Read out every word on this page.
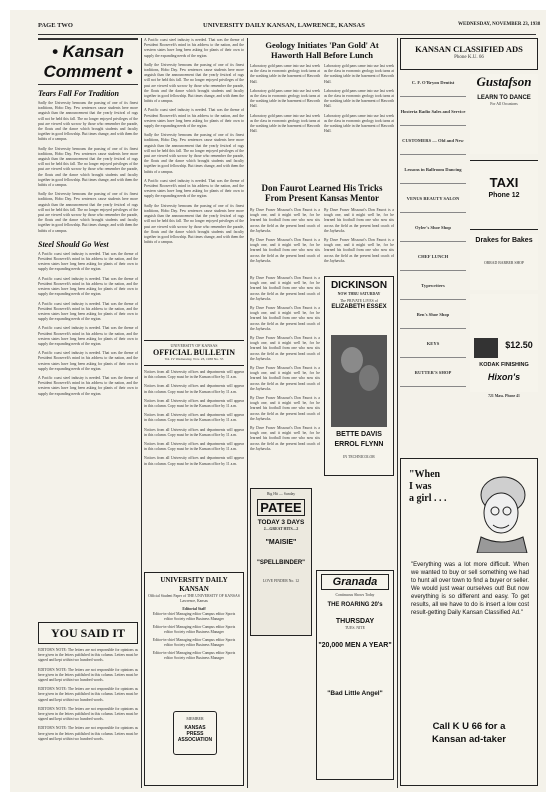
PAGE TWO	UNIVERSITY DAILY KANSAN, LAWRENCE, KANSAS	WEDNESDAY, NOVEMBER 23, 1938
• Kansan Comment •
Tears Fall For Tradition
Sadly the University bemoans the passing of one of its finest traditions, Hobo Day. Few sentences cause students here more anguish than the announcement that the yearly festival of rags will not be held this fall. The no longer enjoyed privileges of the past are viewed with sorrow by those who remember the parade, the floats and the dance which brought students and faculty together in good fellowship. But times change, and with them the habits of a campus.
Sadly the University bemoans the passing of one of its finest traditions, Hobo Day. Few sentences cause students here more anguish than the announcement that the yearly festival of rags will not be held this fall. The no longer enjoyed privileges of the past are viewed with sorrow by those who remember the parade, the floats and the dance which brought students and faculty together in good fellowship. But times change, and with them the habits of a campus.
Sadly the University bemoans the passing of one of its finest traditions, Hobo Day. Few sentences cause students here more anguish than the announcement that the yearly festival of rags will not be held this fall. The no longer enjoyed privileges of the past are viewed with sorrow by those who remember the parade, the floats and the dance which brought students and faculty together in good fellowship. But times change, and with them the habits of a campus.
Steel Should Go West
A Pacific coast steel industry is needed. That was the theme of President Roosevelt's mind in his address to the nation, and the western states have long been asking for plants of their own to supply the expanding needs of the region.
A Pacific coast steel industry is needed. That was the theme of President Roosevelt's mind in his address to the nation, and the western states have long been asking for plants of their own to supply the expanding needs of the region.
A Pacific coast steel industry is needed. That was the theme of President Roosevelt's mind in his address to the nation, and the western states have long been asking for plants of their own to supply the expanding needs of the region.
A Pacific coast steel industry is needed. That was the theme of President Roosevelt's mind in his address to the nation, and the western states have long been asking for plants of their own to supply the expanding needs of the region.
A Pacific coast steel industry is needed. That was the theme of President Roosevelt's mind in his address to the nation, and the western states have long been asking for plants of their own to supply the expanding needs of the region.
A Pacific coast steel industry is needed. That was the theme of President Roosevelt's mind in his address to the nation, and the western states have long been asking for plants of their own to supply the expanding needs of the region.
YOU SAID IT
EDITOR'S NOTE: The letters are not responsible for opinions as here given in the letters published in this column. Letters must be signed and kept within two hundred words.
EDITOR'S NOTE: The letters are not responsible for opinions as here given in the letters published in this column. Letters must be signed and kept within two hundred words.
EDITOR'S NOTE: The letters are not responsible for opinions as here given in the letters published in this column. Letters must be signed and kept within two hundred words.
EDITOR'S NOTE: The letters are not responsible for opinions as here given in the letters published in this column. Letters must be signed and kept within two hundred words.
EDITOR'S NOTE: The letters are not responsible for opinions as here given in the letters published in this column. Letters must be signed and kept within two hundred words.
A Pacific coast steel industry is needed. That was the theme of President Roosevelt's mind in his address to the nation, and the western states have long been asking for plants of their own to supply the expanding needs of the region.
Sadly the University bemoans the passing of one of its finest traditions, Hobo Day. Few sentences cause students here more anguish than the announcement that the yearly festival of rags will not be held this fall. The no longer enjoyed privileges of the past are viewed with sorrow by those who remember the parade, the floats and the dance which brought students and faculty together in good fellowship. But times change, and with them the habits of a campus.
A Pacific coast steel industry is needed. That was the theme of President Roosevelt's mind in his address to the nation, and the western states have long been asking for plants of their own to supply the expanding needs of the region.
Sadly the University bemoans the passing of one of its finest traditions, Hobo Day. Few sentences cause students here more anguish than the announcement that the yearly festival of rags will not be held this fall. The no longer enjoyed privileges of the past are viewed with sorrow by those who remember the parade, the floats and the dance which brought students and faculty together in good fellowship. But times change, and with them the habits of a campus.
A Pacific coast steel industry is needed. That was the theme of President Roosevelt's mind in his address to the nation, and the western states have long been asking for plants of their own to supply the expanding needs of the region.
Sadly the University bemoans the passing of one of its finest traditions, Hobo Day. Few sentences cause students here more anguish than the announcement that the yearly festival of rags will not be held this fall. The no longer enjoyed privileges of the past are viewed with sorrow by those who remember the parade, the floats and the dance which brought students and faculty together in good fellowship. But times change, and with them the habits of a campus.
UNIVERSITY OF KANSAS
OFFICIAL BULLETIN
Vol. IV Wednesday, Nov. 23, 1938 No. 55
Notices from all University offices and departments will appear in this column. Copy must be in the Kansan office by 11 a.m.
Notices from all University offices and departments will appear in this column. Copy must be in the Kansan office by 11 a.m.
Notices from all University offices and departments will appear in this column. Copy must be in the Kansan office by 11 a.m.
Notices from all University offices and departments will appear in this column. Copy must be in the Kansan office by 11 a.m.
Notices from all University offices and departments will appear in this column. Copy must be in the Kansan office by 11 a.m.
Notices from all University offices and departments will appear in this column. Copy must be in the Kansan office by 11 a.m.
Notices from all University offices and departments will appear in this column. Copy must be in the Kansan office by 11 a.m.
UNIVERSITY DAILY KANSAN
Official Student Paper of THE UNIVERSITY OF KANSAS
Lawrence, Kansas
Editorial Staff
Editor-in-chief Managing editor Campus editor Sports editor Society editor Business Manager
Editor-in-chief Managing editor Campus editor Sports editor Society editor Business Manager
Editor-in-chief Managing editor Campus editor Sports editor Society editor Business Manager
Editor-in-chief Managing editor Campus editor Sports editor Society editor Business Manager
MEMBER
KANSAS PRESS ASSOCIATION
Geology Initiates 'Pan Gold' At Haworth Hall Before Lunch
Laboratory gold pans came into use last week as the class in economic geology took turns at the washing table in the basement of Haworth Hall.
Laboratory gold pans came into use last week as the class in economic geology took turns at the washing table in the basement of Haworth Hall.
Laboratory gold pans came into use last week as the class in economic geology took turns at the washing table in the basement of Haworth Hall.
Laboratory gold pans came into use last week as the class in economic geology took turns at the washing table in the basement of Haworth Hall.
Laboratory gold pans came into use last week as the class in economic geology took turns at the washing table in the basement of Haworth Hall.
Laboratory gold pans came into use last week as the class in economic geology took turns at the washing table in the basement of Haworth Hall.
Don Faurot Learned His Tricks From Present Kansas Mentor
By Dave Fraser Missouri's Don Faurot is a tough one, and it might well be, for he learned his football from one who now sits across the field as the present head coach of the Jayhawks.
By Dave Fraser Missouri's Don Faurot is a tough one, and it might well be, for he learned his football from one who now sits across the field as the present head coach of the Jayhawks.
By Dave Fraser Missouri's Don Faurot is a tough one, and it might well be, for he learned his football from one who now sits across the field as the present head coach of the Jayhawks.
By Dave Fraser Missouri's Don Faurot is a tough one, and it might well be, for he learned his football from one who now sits across the field as the present head coach of the Jayhawks.
By Dave Fraser Missouri's Don Faurot is a tough one, and it might well be, for he learned his football from one who now sits across the field as the present head coach of the Jayhawks.
By Dave Fraser Missouri's Don Faurot is a tough one, and it might well be, for he learned his football from one who now sits across the field as the present head coach of the Jayhawks.
By Dave Fraser Missouri's Don Faurot is a tough one, and it might well be, for he learned his football from one who now sits across the field as the present head coach of the Jayhawks.
By Dave Fraser Missouri's Don Faurot is a tough one, and it might well be, for he learned his football from one who now sits across the field as the present head coach of the Jayhawks.
By Dave Fraser Missouri's Don Faurot is a tough one, and it might well be, for he learned his football from one who now sits across the field as the present head coach of the Jayhawks.
By Dave Fraser Missouri's Don Faurot is a tough one, and it might well be, for he learned his football from one who now sits across the field as the present head coach of the Jayhawks.
DICKINSON
NOW THRU SATURDAY
The PRIVATE LIVES of
ELIZABETH ESSEX
BETTE DAVIS
ERROL FLYNN
IN TECHNICOLOR
Big Hit — Sunday
PATEE
TODAY 3 DAYS
2—GREAT HITS—2
"MAISIE"
"SPELLBINDER"
LOVE FINDER No. 12	Granada
Continuous Shows Today
THE ROARING 20's
THURSDAY
TUES. NITE
"20,000 MEN A YEAR"
"Bad Little Angel"
KANSAN CLASSIFIED ADS
Phone K.U. 66
C. F. O'Bryon Dentist
Hosteria Radio Sales and Service
CUSTOMERS — Old and New
Lessons in Ballroom Dancing
VENUS BEAUTY SALON
Oyler's Shoe Shop
CHEF LUNCH
Typewriters
Ben's Shoe Shop
KEYS
RUTTER'S SHOP
Gustafson
LEARN TO DANCE
For All Occasions
TAXI
Phone 12
Drakes for Bakes
ORRAD BARBER SHOP
$12.50
KODAK FINISHING
Hixon's
721 Mass. Phone 41
"When
I was
a girl . . .
"Everything was a lot more difficult. When we wanted to buy or sell something we had to hunt all over town to find a buyer or seller. We would just wear ourselves out! But now everything is so different and easy. To get results, all we have to do is insert a low cost result-getting Daily Kansan Classified Ad."
Call K U 66 for a
Kansan ad-taker
